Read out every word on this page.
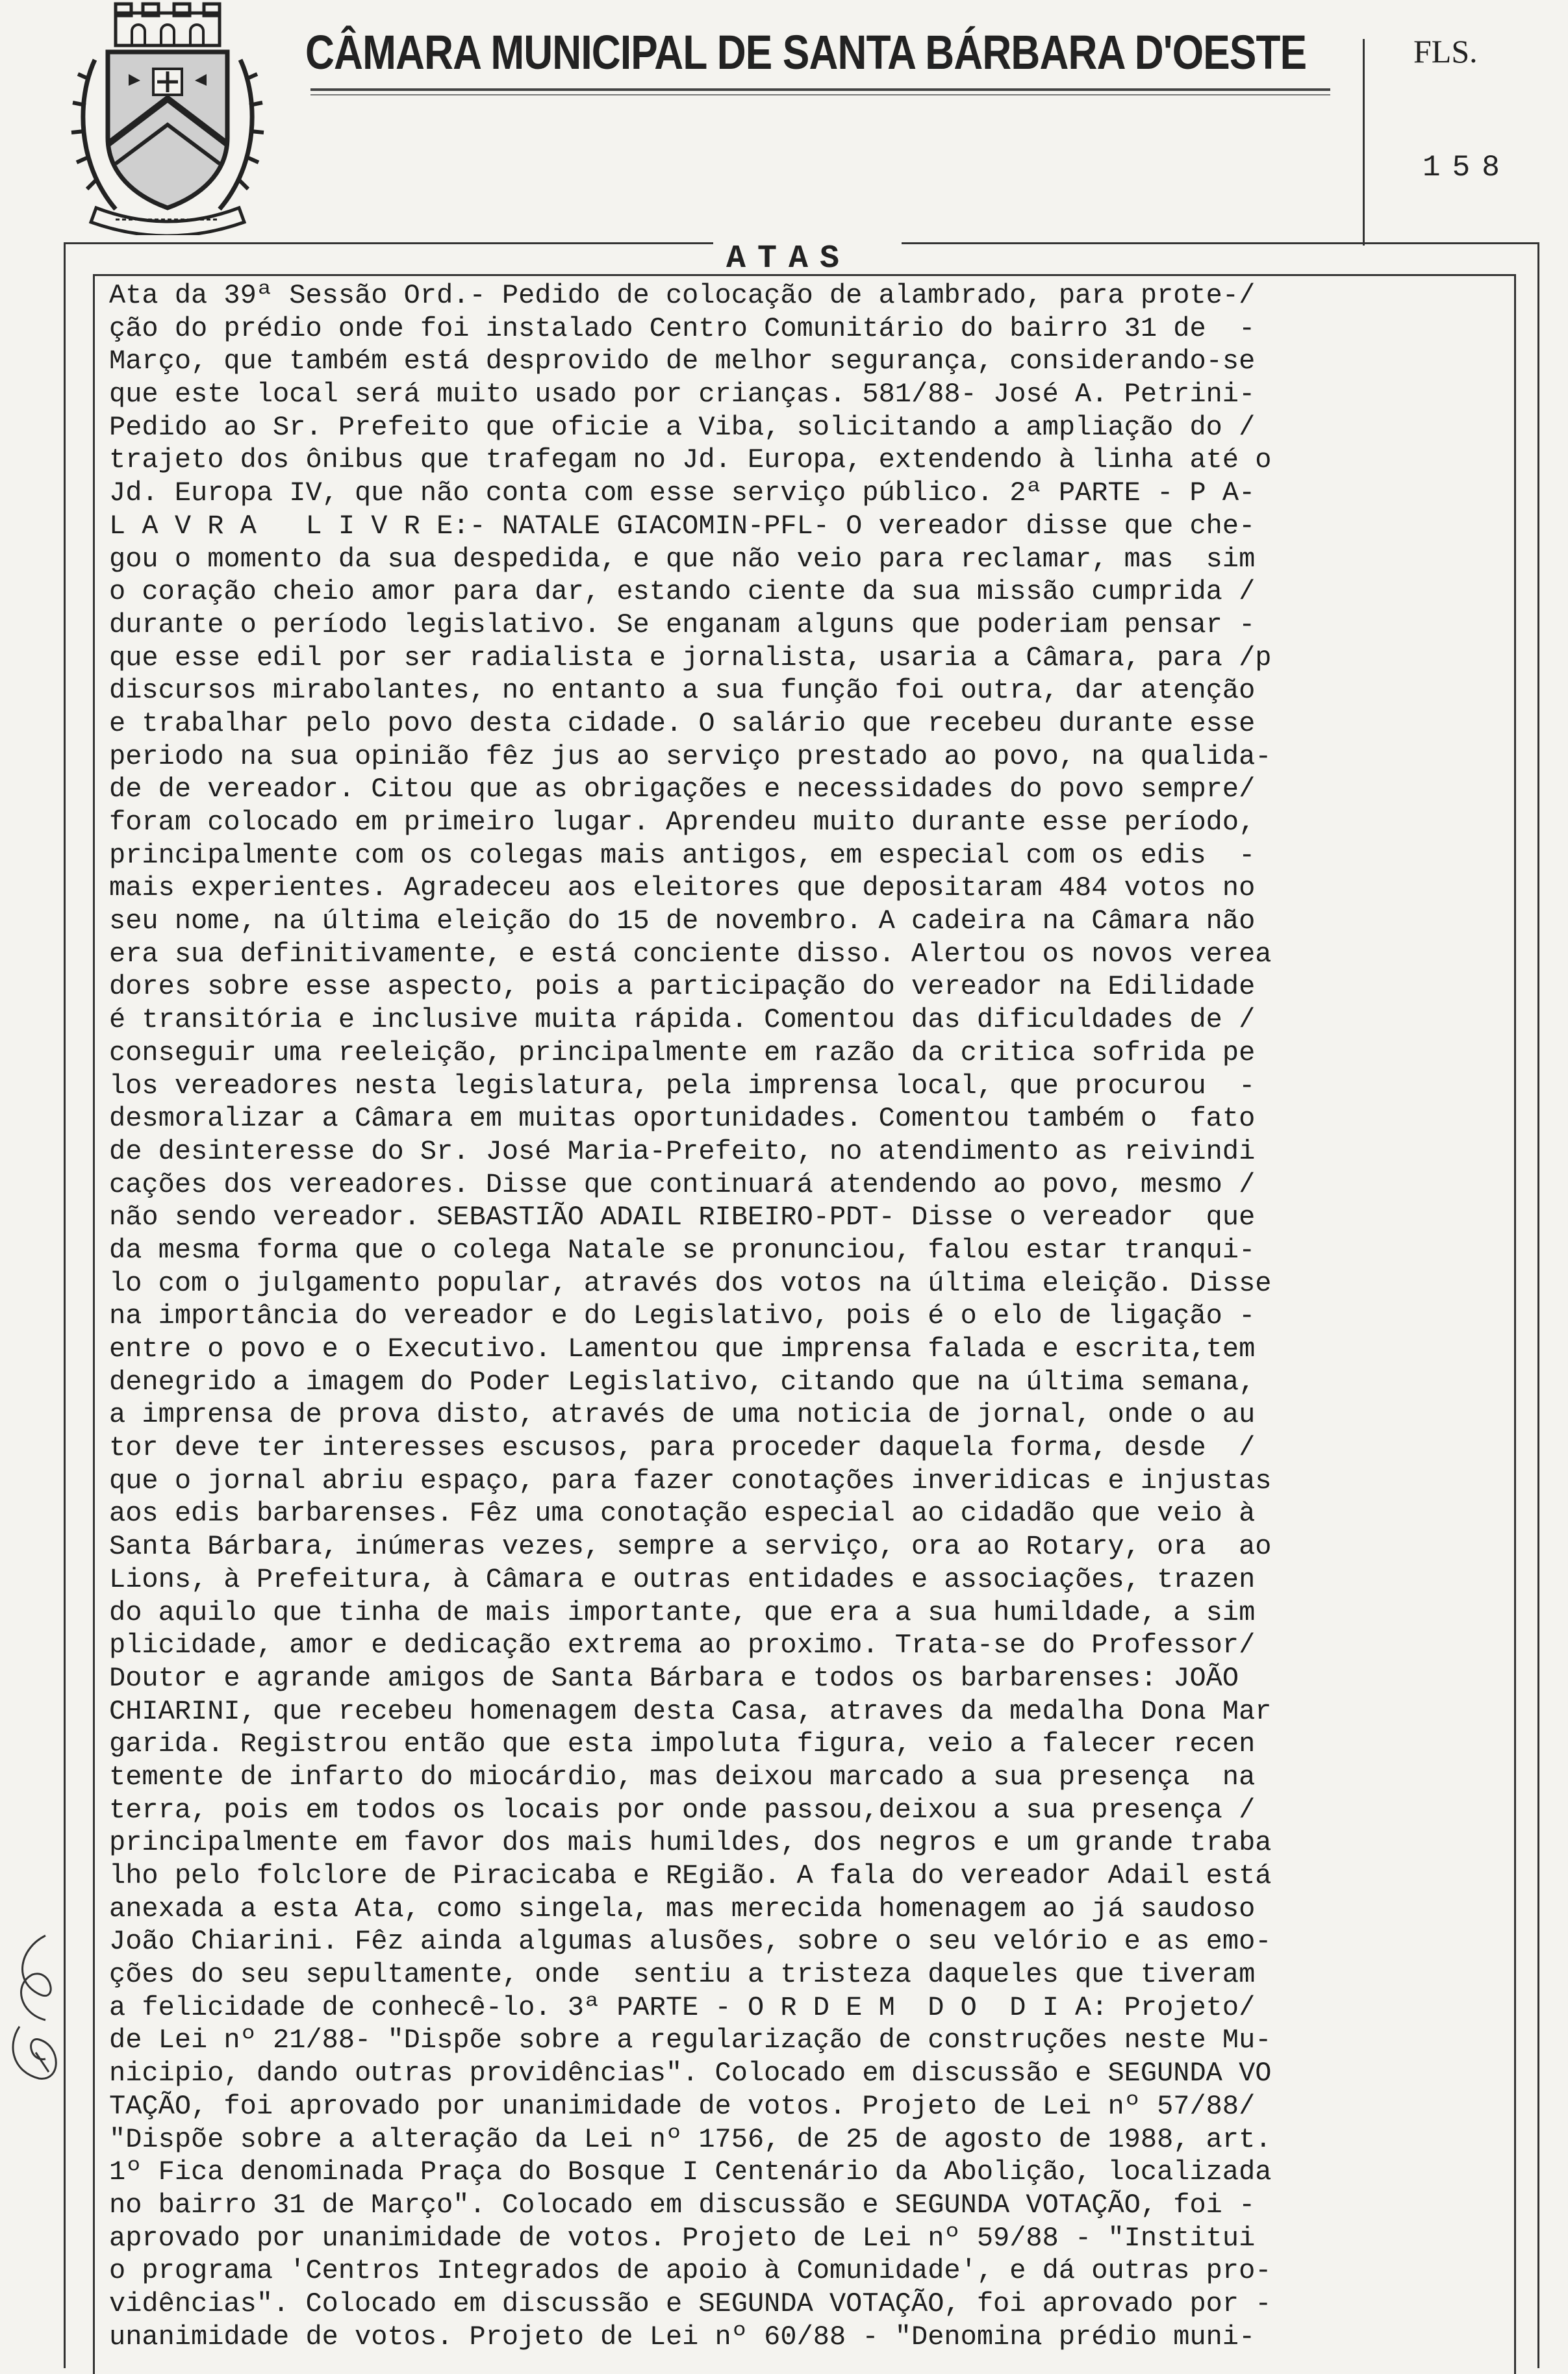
CÂMARA MUNICIPAL DE SANTA BÁRBARA D'OESTE	FLS.
158
ATAS
Ata da 39ª Sessão Ord.- Pedido de colocação de alambrado, para prote-/
ção do prédio onde foi instalado Centro Comunitário do bairro 31 de  -
Março, que também está desprovido de melhor segurança, considerando-se
que este local será muito usado por crianças. 581/88- José A. Petrini-
Pedido ao Sr. Prefeito que oficie a Viba, solicitando a ampliação do /
trajeto dos ônibus que trafegam no Jd. Europa, extendendo à linha até o
Jd. Europa IV, que não conta com esse serviço público. 2ª PARTE - P A-
L A V R A   L I V R E:- NATALE GIACOMIN-PFL- O vereador disse que che-
gou o momento da sua despedida, e que não veio para reclamar, mas  sim
o coração cheio amor para dar, estando ciente da sua missão cumprida /
durante o período legislativo. Se enganam alguns que poderiam pensar -
que esse edil por ser radialista e jornalista, usaria a Câmara, para /p
discursos mirabolantes, no entanto a sua função foi outra, dar atenção
e trabalhar pelo povo desta cidade. O salário que recebeu durante esse
periodo na sua opinião fêz jus ao serviço prestado ao povo, na qualida-
de de vereador. Citou que as obrigações e necessidades do povo sempre/
foram colocado em primeiro lugar. Aprendeu muito durante esse período,
principalmente com os colegas mais antigos, em especial com os edis  -
mais experientes. Agradeceu aos eleitores que depositaram 484 votos no
seu nome, na última eleição do 15 de novembro. A cadeira na Câmara não
era sua definitivamente, e está conciente disso. Alertou os novos verea
dores sobre esse aspecto, pois a participação do vereador na Edilidade
é transitória e inclusive muita rápida. Comentou das dificuldades de /
conseguir uma reeleição, principalmente em razão da critica sofrida pe
los vereadores nesta legislatura, pela imprensa local, que procurou  -
desmoralizar a Câmara em muitas oportunidades. Comentou também o  fato
de desinteresse do Sr. José Maria-Prefeito, no atendimento as reivindi
cações dos vereadores. Disse que continuará atendendo ao povo, mesmo /
não sendo vereador. SEBASTIÃO ADAIL RIBEIRO-PDT- Disse o vereador  que
da mesma forma que o colega Natale se pronunciou, falou estar tranqui-
lo com o julgamento popular, através dos votos na última eleição. Disse
na importância do vereador e do Legislativo, pois é o elo de ligação -
entre o povo e o Executivo. Lamentou que imprensa falada e escrita,tem
denegrido a imagem do Poder Legislativo, citando que na última semana,
a imprensa de prova disto, através de uma noticia de jornal, onde o au
tor deve ter interesses escusos, para proceder daquela forma, desde  /
que o jornal abriu espaço, para fazer conotações inveridicas e injustas
aos edis barbarenses. Fêz uma conotação especial ao cidadão que veio à
Santa Bárbara, inúmeras vezes, sempre a serviço, ora ao Rotary, ora  ao
Lions, à Prefeitura, à Câmara e outras entidades e associações, trazen
do aquilo que tinha de mais importante, que era a sua humildade, a sim
plicidade, amor e dedicação extrema ao proximo. Trata-se do Professor/
Doutor e agrande amigos de Santa Bárbara e todos os barbarenses: JOÃO
CHIARINI, que recebeu homenagem desta Casa, atraves da medalha Dona Mar
garida. Registrou então que esta impoluta figura, veio a falecer recen
temente de infarto do miocárdio, mas deixou marcado a sua presença  na
terra, pois em todos os locais por onde passou,deixou a sua presença /
principalmente em favor dos mais humildes, dos negros e um grande traba
lho pelo folclore de Piracicaba e REgião. A fala do vereador Adail está
anexada a esta Ata, como singela, mas merecida homenagem ao já saudoso
João Chiarini. Fêz ainda algumas alusões, sobre o seu velório e as emo-
ções do seu sepultamente, onde  sentiu a tristeza daqueles que tiveram
a felicidade de conhecê-lo. 3ª PARTE - O R D E M  D O  D I A: Projeto/
de Lei nº 21/88- "Dispõe sobre a regularização de construções neste Mu-
nicipio, dando outras providências". Colocado em discussão e SEGUNDA VO
TAÇÃO, foi aprovado por unanimidade de votos. Projeto de Lei nº 57/88/
"Dispõe sobre a alteração da Lei nº 1756, de 25 de agosto de 1988, art.
1º Fica denominada Praça do Bosque I Centenário da Abolição, localizada
no bairro 31 de Março". Colocado em discussão e SEGUNDA VOTAÇÃO, foi -
aprovado por unanimidade de votos. Projeto de Lei nº 59/88 - "Institui
o programa 'Centros Integrados de apoio à Comunidade', e dá outras pro-
vidências". Colocado em discussão e SEGUNDA VOTAÇÃO, foi aprovado por -
unanimidade de votos. Projeto de Lei nº 60/88 - "Denomina prédio muni-
